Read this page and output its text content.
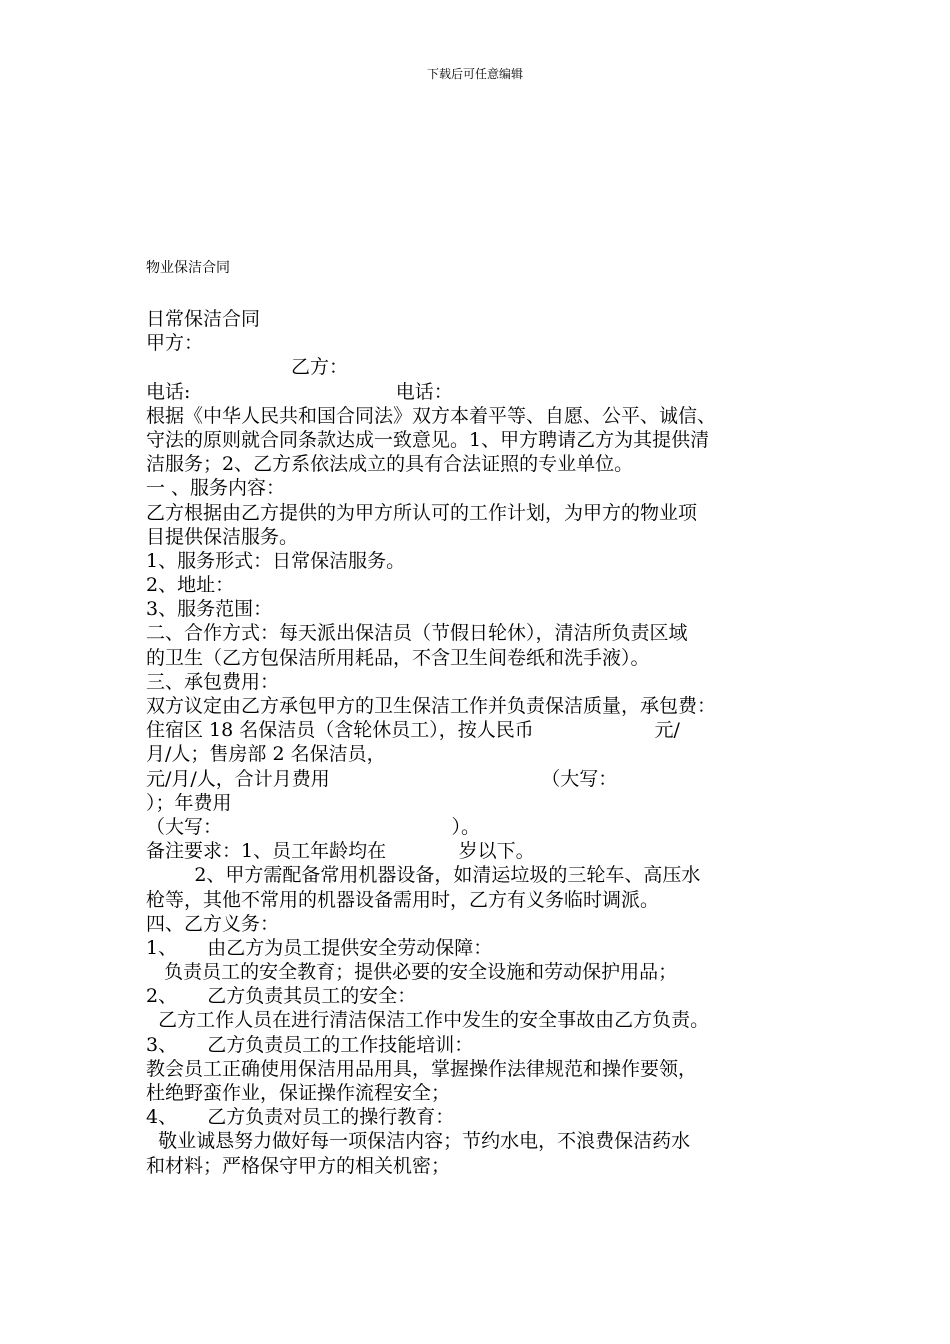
下载后可任意编辑
物业保洁合同
日常保洁合同
甲方：
乙方：
电话:                                  电话：
根据《中华人民共和国合同法》双方本着平等、自愿、公平、诚信、
守法的原则就合同条款达成一致意见。1、甲方聘请乙方为其提供清
洁服务；2、乙方系依法成立的具有合法证照的专业单位。
一 、服务内容：
乙方根据由乙方提供的为甲方所认可的工作计划，为甲方的物业项
目提供保洁服务。
1、服务形式：日常保洁服务。
2、地址：
3、服务范围：
二、合作方式：每天派出保洁员（节假日轮休），清洁所负责区域
的卫生（乙方包保洁所用耗品，不含卫生间卷纸和洗手液）。
三、承包费用：
双方议定由乙方承包甲方的卫生保洁工作并负责保洁质量，承包费：
住宿区 18 名保洁员（含轮休员工），按人民币                    元/
月/人；售房部 2 名保洁员，
元/月/人，合计月费用                                   （大写：
）；年费用
（大写：                                      ）。
备注要求：1、员工年龄均在            岁以下。
2、甲方需配备常用机器设备，如清运垃圾的三轮车、高压水
枪等，其他不常用的机器设备需用时，乙方有义务临时调派。
四、乙方义务：
1、     由乙方为员工提供安全劳动保障：
负责员工的安全教育；提供必要的安全设施和劳动保护用品；
2、     乙方负责其员工的安全：
乙方工作人员在进行清洁保洁工作中发生的安全事故由乙方负责。
3、     乙方负责员工的工作技能培训：
教会员工正确使用保洁用品用具，掌握操作法律规范和操作要领，
杜绝野蛮作业，保证操作流程安全；
4、     乙方负责对员工的操行教育：
敬业诚恳努力做好每一项保洁内容；节约水电，不浪费保洁药水
和材料；严格保守甲方的相关机密；
